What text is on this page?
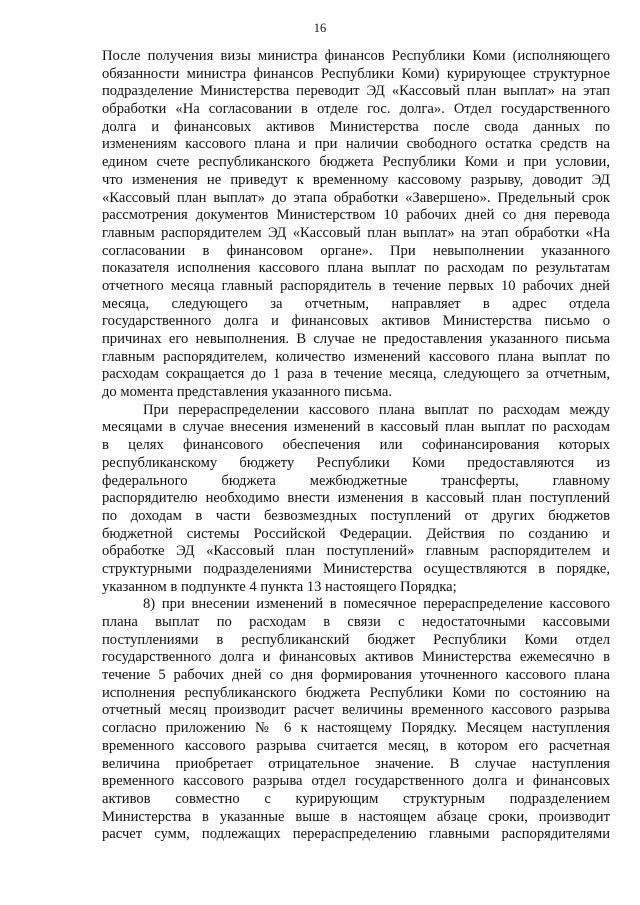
16
После получения визы министра финансов Республики Коми (исполняющего
обязанности министра финансов Республики Коми) курирующее структурное
подразделение Министерства переводит ЭД «Кассовый план выплат» на этап
обработки «На согласовании в отделе гос. долга». Отдел государственного
долга и финансовых активов Министерства после свода данных по
изменениям кассового плана и при наличии свободного остатка средств на
едином счете республиканского бюджета Республики Коми и при условии,
что изменения не приведут к временному кассовому разрыву, доводит ЭД
«Кассовый план выплат» до этапа обработки «Завершено». Предельный срок
рассмотрения документов Министерством 10 рабочих дней со дня перевода
главным распорядителем ЭД «Кассовый план выплат» на этап обработки «На
согласовании в финансовом органе». При невыполнении указанного
показателя исполнения кассового плана выплат по расходам по результатам
отчетного месяца главный распорядитель в течение первых 10 рабочих дней
месяца, следующего за отчетным, направляет в адрес отдела
государственного долга и финансовых активов Министерства письмо о
причинах его невыполнения. В случае не предоставления указанного письма
главным распорядителем, количество изменений кассового плана выплат по
расходам сокращается до 1 раза в течение месяца, следующего за отчетным,
до момента представления указанного письма.
При перераспределении кассового плана выплат по расходам между
месяцами в случае внесения изменений в кассовый план выплат по расходам
в целях финансового обеспечения или софинансирования которых
республиканскому бюджету Республики Коми предоставляются из
федерального бюджета межбюджетные трансферты, главному
распорядителю необходимо внести изменения в кассовый план поступлений
по доходам в части безвозмездных поступлений от других бюджетов
бюджетной системы Российской Федерации. Действия по созданию и
обработке ЭД «Кассовый план поступлений» главным распорядителем и
структурными подразделениями Министерства осуществляются в порядке,
указанном в подпункте 4 пункта 13 настоящего Порядка;
8) при внесении изменений в помесячное перераспределение кассового
плана выплат по расходам в связи с недостаточными кассовыми
поступлениями в республиканский бюджет Республики Коми отдел
государственного долга и финансовых активов Министерства ежемесячно в
течение 5 рабочих дней со дня формирования уточненного кассового плана
исполнения республиканского бюджета Республики Коми по состоянию на
отчетный месяц производит расчет величины временного кассового разрыва
согласно приложению № 6 к настоящему Порядку. Месяцем наступления
временного кассового разрыва считается месяц, в котором его расчетная
величина приобретает отрицательное значение. В случае наступления
временного кассового разрыва отдел государственного долга и финансовых
активов совместно с курирующим структурным подразделением
Министерства в указанные выше в настоящем абзаце сроки, производит
расчет сумм, подлежащих перераспределению главными распорядителями
